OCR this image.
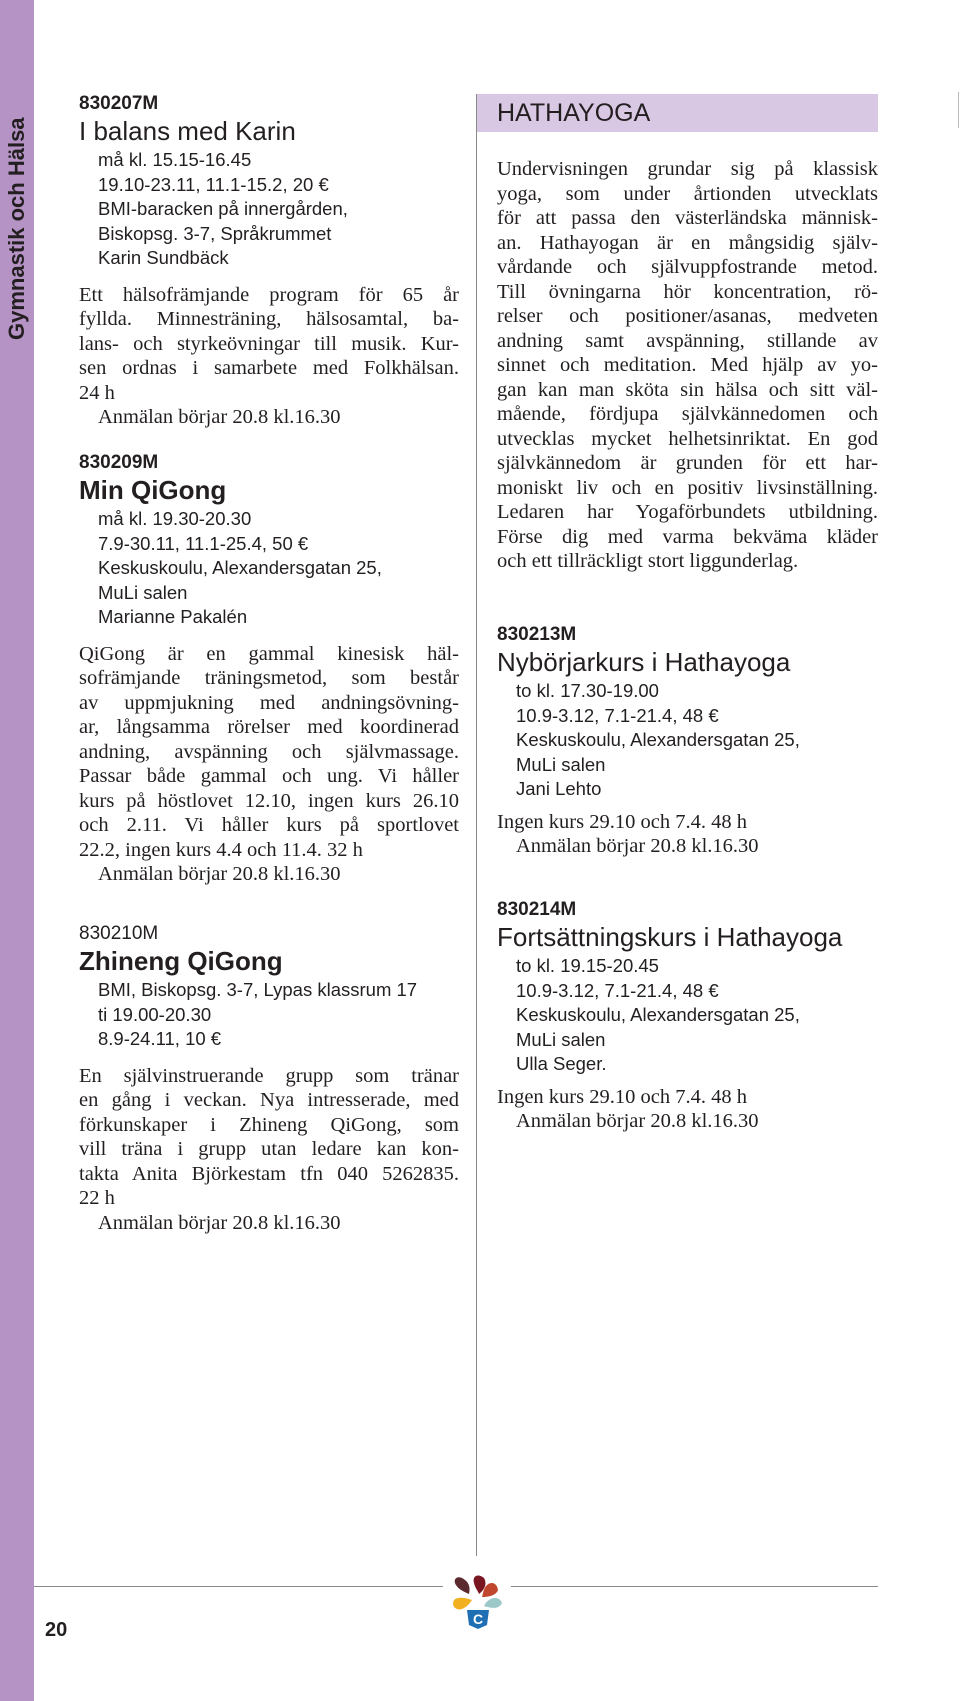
Gymnastik och Hälsa

830207M

I balans med Karin
må kl. 15.15-16.45
19.10-23.11, 11.1-15.2, 20 €
BMI-baracken på innergården,
Biskopsg. 3-7, Språkrummet
Karin Sundbäck

Ett hälsofrämjande program för 65 år
fyllda. Minnesträning, hälsosamtal, ba-
lans- och styrkeövningar till musik. Kur-
sen ordnas i samarbete med Folkhälsan.
24 h

Anmälan börjar 20.8 kl.16.30

830209M

Min QiGong
må kl. 19.30-20.30
7.9-30.11, 11.1-25.4, 50 €
Keskuskoulu, Alexandersgatan 25,
MuLi salen
Marianne Pakalén

QiGong är en gammal kinesisk häl-
sofrämjande träningsmetod, som består
av uppmjukning med andningsövning-
ar, långsamma rörelser med koordinerad
andning, avspänning och självmassage.
Passar både gammal och ung. Vi håller
kurs på höstlovet 12.10, ingen kurs 26.10
och 2.11. Vi håller kurs på sportlovet
22.2, ingen kurs 4.4 och 11.4. 32 h

Anmälan börjar 20.8 kl.16.30

830210M

Zhineng QiGong
BMI, Biskopsg. 3-7, Lypas klassrum 17
ti 19.00-20.30
8.9-24.11, 10 €

En självinstruerande grupp som tränar
en gång i veckan. Nya intresserade, med
förkunskaper i Zhineng QiGong, som
vill träna i grupp utan ledare kan kon-
takta Anita Björkestam tfn 040 5262835.
22 h

Anmälan börjar 20.8 kl.16.30

HATHAYOGA

Undervisningen grundar sig på klassisk
yoga, som under årtionden utvecklats
för att passa den västerländska människ-
an. Hathayogan är en mångsidig själv-
vårdande och självuppfostrande metod.
Till övningarna hör koncentration, rö-
relser och positioner/asanas, medveten
andning samt avspänning, stillande av
sinnet och meditation. Med hjälp av yo-
gan kan man sköta sin hälsa och sitt väl-
mående, fördjupa självkännedomen och
utvecklas mycket helhetsinriktat. En god
självkännedom är grunden för ett har-
moniskt liv och en positiv livsinställning.
Ledaren har Yogaförbundets utbildning.
Förse dig med varma bekväma kläder
och ett tillräckligt stort liggunderlag.

830213M

Nybörjarkurs i Hathayoga
to kl. 17.30-19.00
10.9-3.12, 7.1-21.4, 48 €
Keskuskoulu, Alexandersgatan 25,
MuLi salen
Jani Lehto

Ingen kurs 29.10 och 7.4. 48 h

Anmälan börjar 20.8 kl.16.30

830214M

Fortsättningskurs i Hathayoga
to kl. 19.15-20.45
10.9-3.12, 7.1-21.4, 48 €
Keskuskoulu, Alexandersgatan 25,
MuLi salen
Ulla Seger.

Ingen kurs 29.10 och 7.4. 48 h

Anmälan börjar 20.8 kl.16.30

C
20
